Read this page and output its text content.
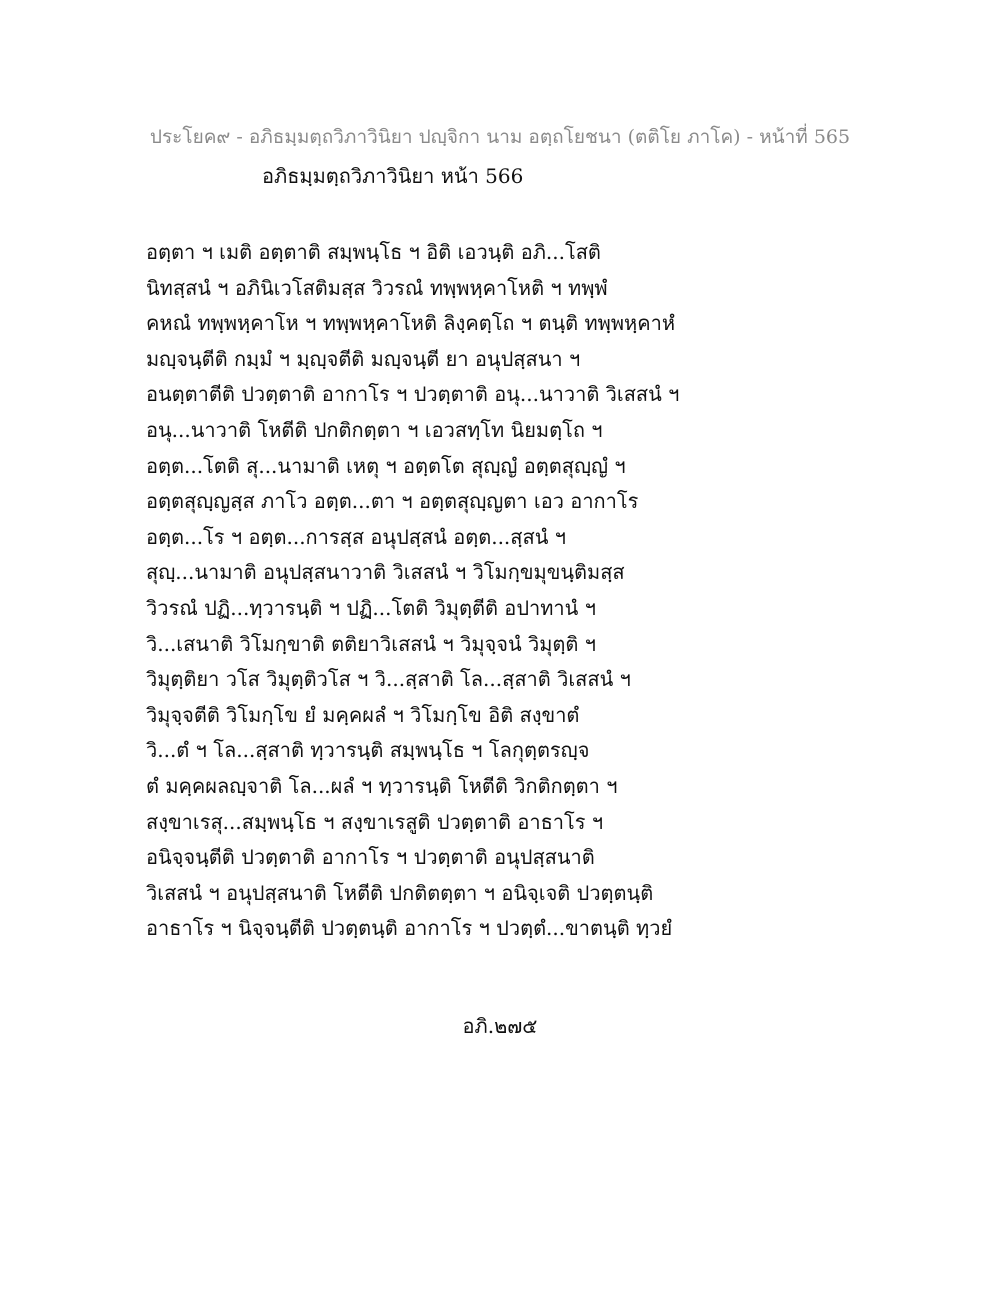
ประโยค๙ - อภิธมฺมตฺถวิภาวินิยา ปญฺจิกา นาม อตฺถโยชนา (ตติโย ภาโค) - หน้าที่ 565
อภิธมฺมตฺถวิภาวินิยา หน้า 566
อตฺตา ฯ เมติ อตฺตาติ สมฺพนฺโธ ฯ อิติ เอวนฺติ อภิ...โสติ
นิทสฺสนํ ฯ อภินิเวโสติมสฺส วิวรณํ ทพฺพหฺคาโหติ ฯ ทพฺพํ
คหณํ ทพฺพหฺคาโห ฯ ทพฺพหฺคาโหติ ลิงฺคตฺโถ ฯ ตนฺติ ทพฺพหฺคาหํ
มญฺจนฺตีติ กมฺมํ ฯ มฺญฺจตีติ มญฺจนฺตี ยา อนุปสฺสนา ฯ
อนตฺตาตีติ ปวตฺตาติ อากาโร ฯ ปวตฺตาติ อนุ...นาวาติ วิเสสนํ ฯ
อนุ...นาวาติ โหตีติ ปกติกตฺตา ฯ เอวสทฺโท นิยมตฺโถ ฯ
อตฺต...โตติ สุ...นามาติ เหตุ ฯ อตฺตโต สุญฺญํ อตฺตสุญฺญํ ฯ
อตฺตสุญฺญสฺส ภาโว อตฺต...ตา ฯ อตฺตสุญฺญตา เอว อากาโร
อตฺต...โร ฯ อตฺต...การสฺส อนุปสฺสนํ อตฺต...สฺสนํ ฯ
สุญฺ...นามาติ อนุปสฺสนาวาติ วิเสสนํ ฯ วิโมกฺขมุขนฺติมสฺส
วิวรณํ ปฏิ...ทฺวารนฺติ ฯ ปฏิ...โตติ วิมุตฺตีติ อปาทานํ ฯ
วิ...เสนาติ วิโมกฺขาติ ตติยาวิเสสนํ ฯ วิมุจฺจนํ วิมุตฺติ ฯ
วิมุตฺติยา วโส วิมุตฺติวโส ฯ วิ...สฺสาติ โล...สฺสาติ วิเสสนํ ฯ
วิมุจฺจตีติ วิโมกฺโข ยํ มคฺคผลํ ฯ วิโมกฺโข อิติ สงฺขาตํ
วิ...ตํ ฯ โล...สฺสาติ ทฺวารนฺติ สมฺพนฺโธ ฯ โลกุตฺตรญฺจ
ตํ มคฺคผลญฺจาติ โล...ผลํ ฯ ทฺวารนฺติ โหตีติ วิกติกตฺตา ฯ
สงฺขาเรสุ...สมฺพนฺโธ ฯ สงฺขาเรสูติ ปวตฺตาติ อาธาโร ฯ
อนิจฺจนฺตีติ ปวตฺตาติ อากาโร ฯ ปวตฺตาติ อนุปสฺสนาติ
วิเสสนํ ฯ อนุปสฺสนาติ โหตีติ ปกติตตฺตา ฯ อนิจฺเจติ ปวตฺตนฺติ
อาธาโร ฯ นิจฺจนฺตีติ ปวตฺตนฺติ อากาโร ฯ ปวตฺตํ...ขาตนฺติ ทฺวยํ
อภิ.๒๗๕
